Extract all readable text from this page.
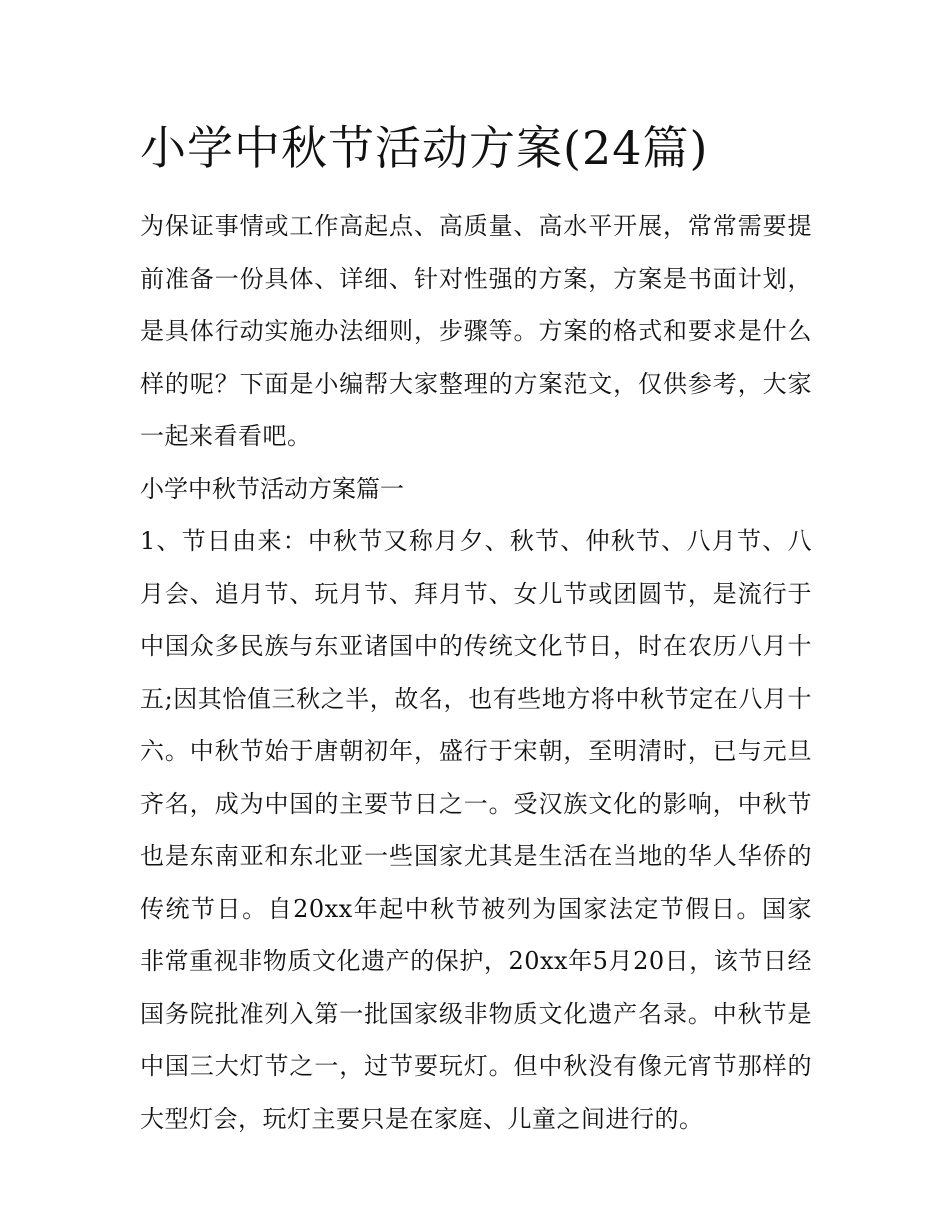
小学中秋节活动方案(24篇)

为保证事情或工作高起点、高质量、高水平开展，常常需要提前准备一份具体、详细、针对性强的方案，方案是书面计划，是具体行动实施办法细则，步骤等。方案的格式和要求是什么样的呢？下面是小编帮大家整理的方案范文，仅供参考，大家一起来看看吧。

小学中秋节活动方案篇一

1、节日由来：中秋节又称月夕、秋节、仲秋节、八月节、八月会、追月节、玩月节、拜月节、女儿节或团圆节，是流行于中国众多民族与东亚诸国中的传统文化节日，时在农历八月十五;因其恰值三秋之半，故名，也有些地方将中秋节定在八月十六。中秋节始于唐朝初年，盛行于宋朝，至明清时，已与元旦齐名，成为中国的主要节日之一。受汉族文化的影响，中秋节也是东南亚和东北亚一些国家尤其是生活在当地的华人华侨的传统节日。自20xx年起中秋节被列为国家法定节假日。国家非常重视非物质文化遗产的保护，20xx年5月20日，该节日经国务院批准列入第一批国家级非物质文化遗产名录。中秋节是中国三大灯节之一，过节要玩灯。但中秋没有像元宵节那样的大型灯会，玩灯主要只是在家庭、儿童之间进行的。
